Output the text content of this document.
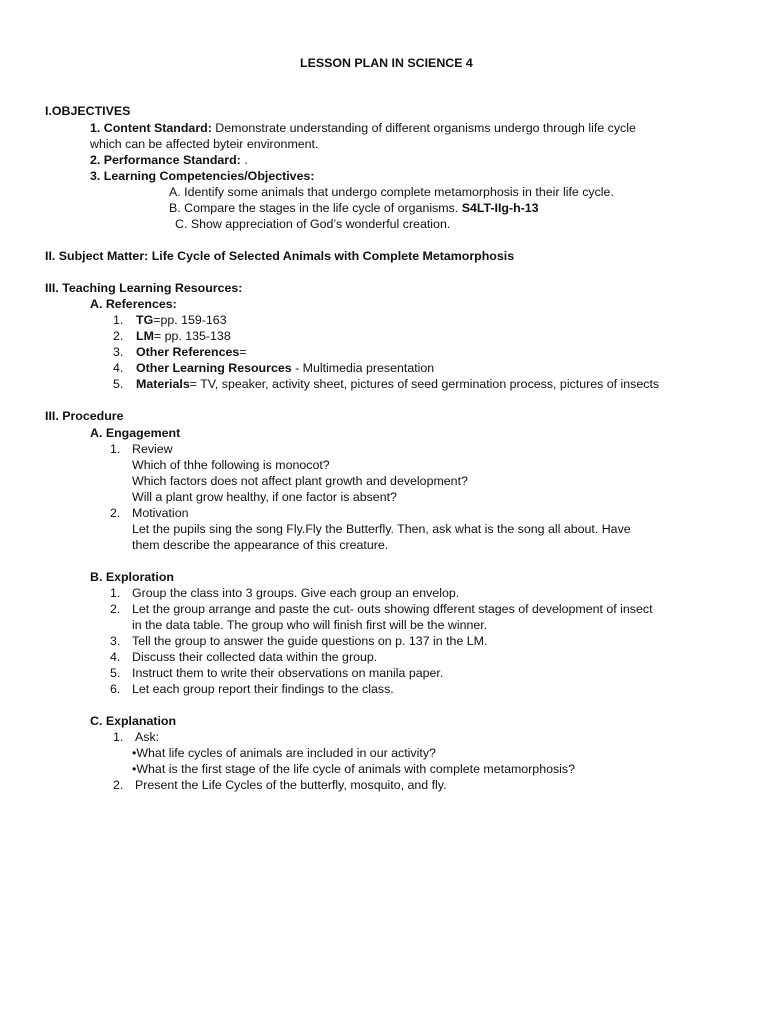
LESSON PLAN IN SCIENCE 4
I.OBJECTIVES
1. Content Standard: Demonstrate understanding of different organisms undergo through life cycle
which can be affected byteir environment.
2. Performance Standard: .
3. Learning Competencies/Objectives:
A. Identify some animals that undergo complete metamorphosis in their life cycle.
B. Compare the stages in the life cycle of organisms. S4LT-IIg-h-13
C. Show appreciation of God’s wonderful creation.
II. Subject Matter: Life Cycle of Selected Animals with Complete Metamorphosis
III. Teaching Learning Resources:
A. References:
1. TG=pp. 159-163
2. LM= pp. 135-138
3. Other References=
4. Other Learning Resources - Multimedia presentation
5. Materials= TV, speaker, activity sheet, pictures of seed germination process, pictures of insects
III. Procedure
A. Engagement
1. Review
Which of thhe following is monocot?
Which factors does not affect plant growth and development?
Will a plant grow healthy, if one factor is absent?
2. Motivation
Let the pupils sing the song Fly.Fly the Butterfly. Then, ask what is the song all about. Have
them describe the appearance of this creature.
B. Exploration
1. Group the class into 3 groups. Give each group an envelop.
2. Let the group arrange and paste the cut- outs showing dfferent stages of development of insect
in the data table. The group who will finish first will be the winner.
3. Tell the group to answer the guide questions on p. 137 in the LM.
4. Discuss their collected data within the group.
5. Instruct them to write their observations on manila paper.
6. Let each group report their findings to the class.
C. Explanation
1. Ask:
•What life cycles of animals are included in our activity?
•What is the first stage of the life cycle of animals with complete metamorphosis?
2. Present the Life Cycles of the butterfly, mosquito, and fly.
